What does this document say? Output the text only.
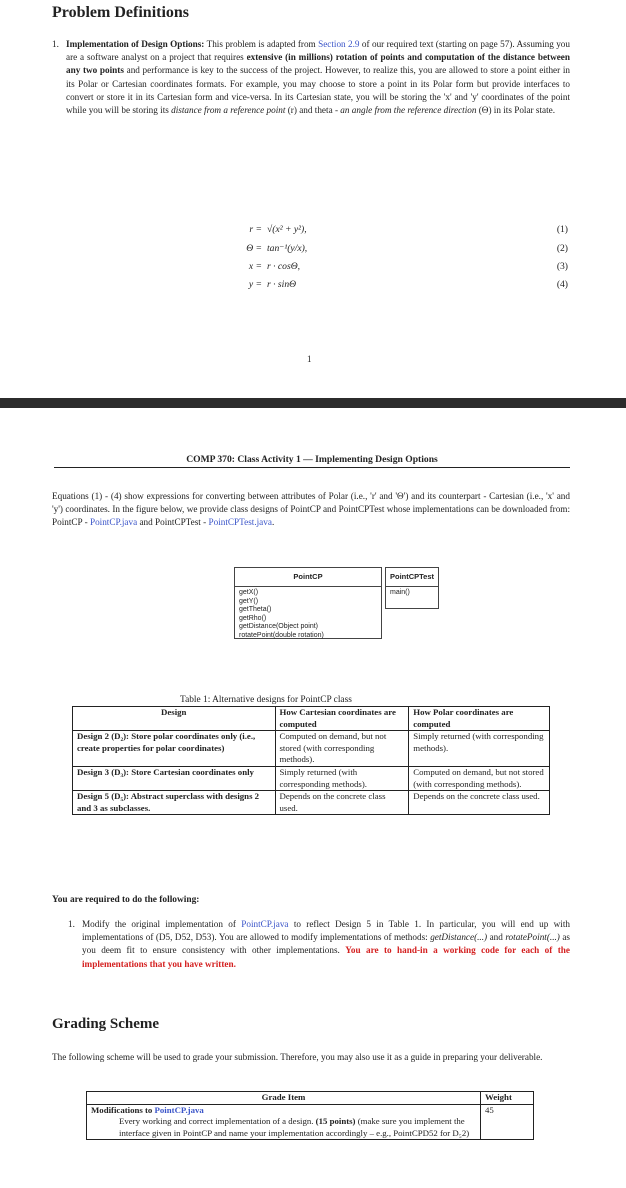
Problem Definitions
1. Implementation of Design Options: This problem is adapted from Section 2.9 of our required text (starting on page 57). Assuming you are a software analyst on a project that requires extensive (in millions) rotation of points and computation of the distance between any two points and performance is key to the success of the project. However, to realize this, you are allowed to store a point either in its Polar or Cartesian coordinates formats. For example, you may choose to store a point in its Polar form but provide interfaces to convert or store it in its Cartesian form and vice-versa. In its Cartesian state, you will be storing the 'x' and 'y' coordinates of the point while you will be storing its distance from a reference point (r) and theta - an angle from the reference direction (Θ) in its Polar state.
r = √(x² + y²),	(1)
Θ = tan⁻¹(y/x),	(2)
x = r · cosΘ,	(3)
y = r · sinΘ	(4)
1
COMP 370: Class Activity 1 — Implementing Design Options
Equations (1) - (4) show expressions for converting between attributes of Polar (i.e., 'r' and 'Θ') and its counterpart - Cartesian (i.e., 'x' and 'y') coordinates. In the figure below, we provide class designs of PointCP and PointCPTest whose implementations can be downloaded from: PointCP - PointCP.java and PointCPTest - PointCPTest.java.
PointCP
getX()
getY()
getTheta()
getRho()
getDistance(Object point)
rotatePoint(double rotation)
PointCPTest
main()
Table 1: Alternative designs for PointCP class
Design	How Cartesian coordinates are computed	How Polar coordinates are computed
Design 2 (D₂): Store polar coordinates only (i.e., create properties for polar coordinates)	Computed on demand, but not stored (with corresponding methods).	Simply returned (with corresponding methods).
Design 3 (D₃): Store Cartesian coordinates only	Simply returned (with corresponding methods).	Computed on demand, but not stored (with corresponding methods).
Design 5 (D₅): Abstract superclass with designs 2 and 3 as subclasses.	Depends on the concrete class used.	Depends on the concrete class used.
You are required to do the following:
1. Modify the original implementation of PointCP.java to reflect Design 5 in Table 1. In particular, you will end up with implementations of (D5, D52, D53). You are allowed to modify implementations of methods: getDistance(...) and rotatePoint(...) as you deem fit to ensure consistency with other implementations. You are to hand-in a working code for each of the implementations that you have written.
Grading Scheme
The following scheme will be used to grade your submission. Therefore, you may also use it as a guide in preparing your deliverable.
Grade Item	Weight
Modifications to PointCP.java
Every working and correct implementation of a design. (15 points) (make sure you implement the interface given in PointCP and name your implementation accordingly – e.g., PointCPD52 for D₅2)	45
